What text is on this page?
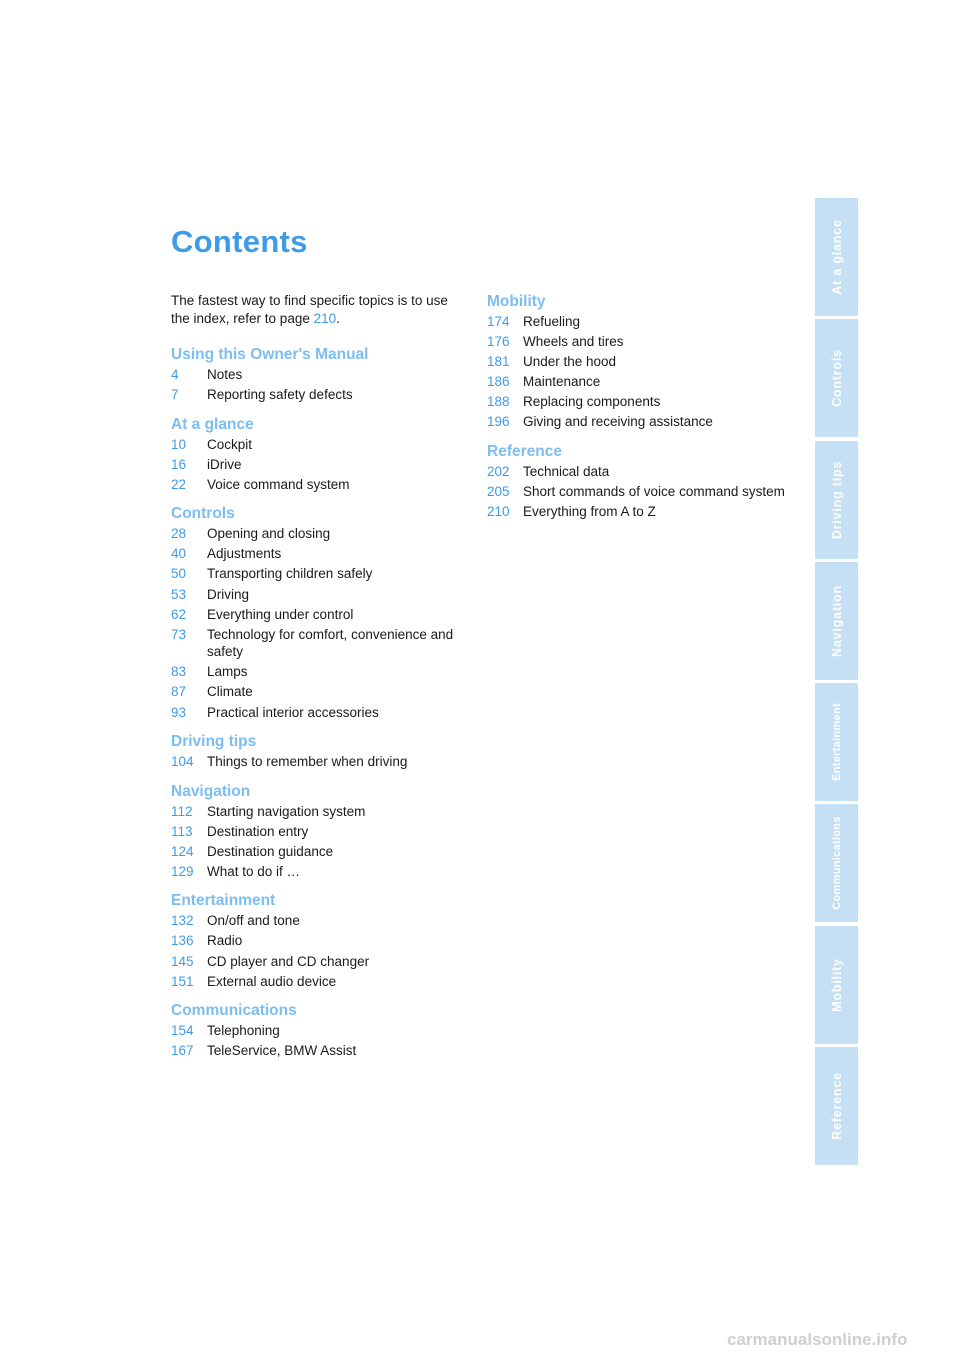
Contents

The fastest way to find specific topics is to use the index, refer to page 210.

Using this Owner's Manual
4	Notes
7	Reporting safety defects
At a glance
10	Cockpit
16	iDrive
22	Voice command system
Controls
28	Opening and closing
40	Adjustments
50	Transporting children safely
53	Driving
62	Everything under control
73	Technology for comfort, convenience and safety
83	Lamps
87	Climate
93	Practical interior accessories
Driving tips
104 Things to remember when driving
Navigation
112	Starting navigation system
113	Destination entry
124 Destination guidance
129 What to do if …
Entertainment
132 On/off and tone
136 Radio
145 CD player and CD changer
151 External audio device
Communications
154 Telephoning
167 TeleService, BMW Assist
Mobility
174 Refueling
176 Wheels and tires
181 Under the hood
186 Maintenance
188 Replacing components
196 Giving and receiving assistance
Reference
202 Technical data
205 Short commands of voice command system
210 Everything from A to Z
At a glance
Controls
Driving tips
Navigation
Entertainment
Communications
Mobility
Reference
carmanualsonline.info
